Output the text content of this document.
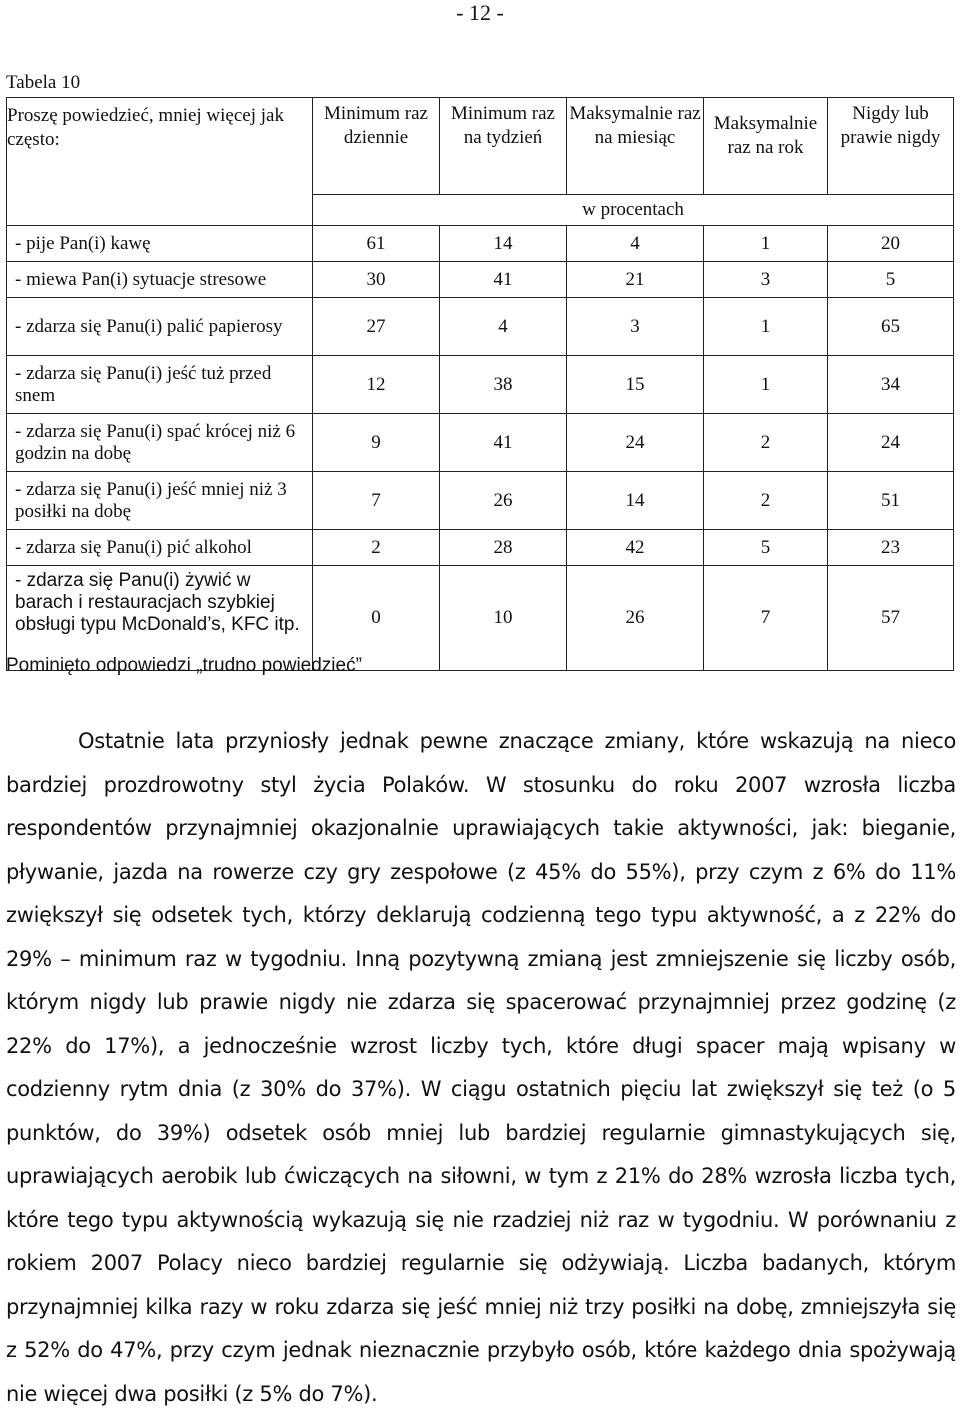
- 12 -
Tabela 10
Proszę powiedzieć, mniej więcej jak często:	Minimum raz dziennie	Minimum raz na tydzień	Maksymalnie raz na miesiąc	Maksymalnie raz na rok	Nigdy lub prawie nigdy
	w procentach				
- pije Pan(i) kawę	61	14	4	1	20
- miewa Pan(i) sytuacje stresowe	30	41	21	3	5
- zdarza się Panu(i) palić papierosy	27	4	3	1	65
- zdarza się Panu(i) jeść tuż przed snem	12	38	15	1	34
- zdarza się Panu(i) spać krócej niż 6 godzin na dobę	9	41	24	2	24
- zdarza się Panu(i) jeść mniej niż 3 posiłki na dobę	7	26	14	2	51
- zdarza się Panu(i) pić alkohol	2	28	42	5	23
- zdarza się Panu(i) żywić w barach i restauracjach szybkiej obsługi typu McDonald’s, KFC itp.	0	10	26	7	57
Pominięto odpowiedzi „trudno powiedzieć”

Ostatnie lata przyniosły jednak pewne znaczące zmiany, które wskazują na nieco bardziej prozdrowotny styl życia Polaków. W stosunku do roku 2007 wzrosła liczba respondentów przynajmniej okazjonalnie uprawiających takie aktywności, jak: bieganie, pływanie, jazda na rowerze czy gry zespołowe (z 45% do 55%), przy czym z 6% do 11% zwiększył się odsetek tych, którzy deklarują codzienną tego typu aktywność, a z 22% do 29% – minimum raz w tygodniu. Inną pozytywną zmianą jest zmniejszenie się liczby osób, którym nigdy lub prawie nigdy nie zdarza się spacerować przynajmniej przez godzinę (z 22% do 17%), a jednocześnie wzrost liczby tych, które długi spacer mają wpisany w codzienny rytm dnia (z 30% do 37%). W ciągu ostatnich pięciu lat zwiększył się też (o 5 punktów, do 39%) odsetek osób mniej lub bardziej regularnie gimnastykujących się, uprawiających aerobik lub ćwiczących na siłowni, w tym z 21% do 28% wzrosła liczba tych, które tego typu aktywnością wykazują się nie rzadziej niż raz w tygodniu. W porównaniu z rokiem 2007 Polacy nieco bardziej regularnie się odżywiają. Liczba badanych, którym przynajmniej kilka razy w roku zdarza się jeść mniej niż trzy posiłki na dobę, zmniejszyła się z 52% do 47%, przy czym jednak nieznacznie przybyło osób, które każdego dnia spożywają nie więcej dwa posiłki (z 5% do 7%).
